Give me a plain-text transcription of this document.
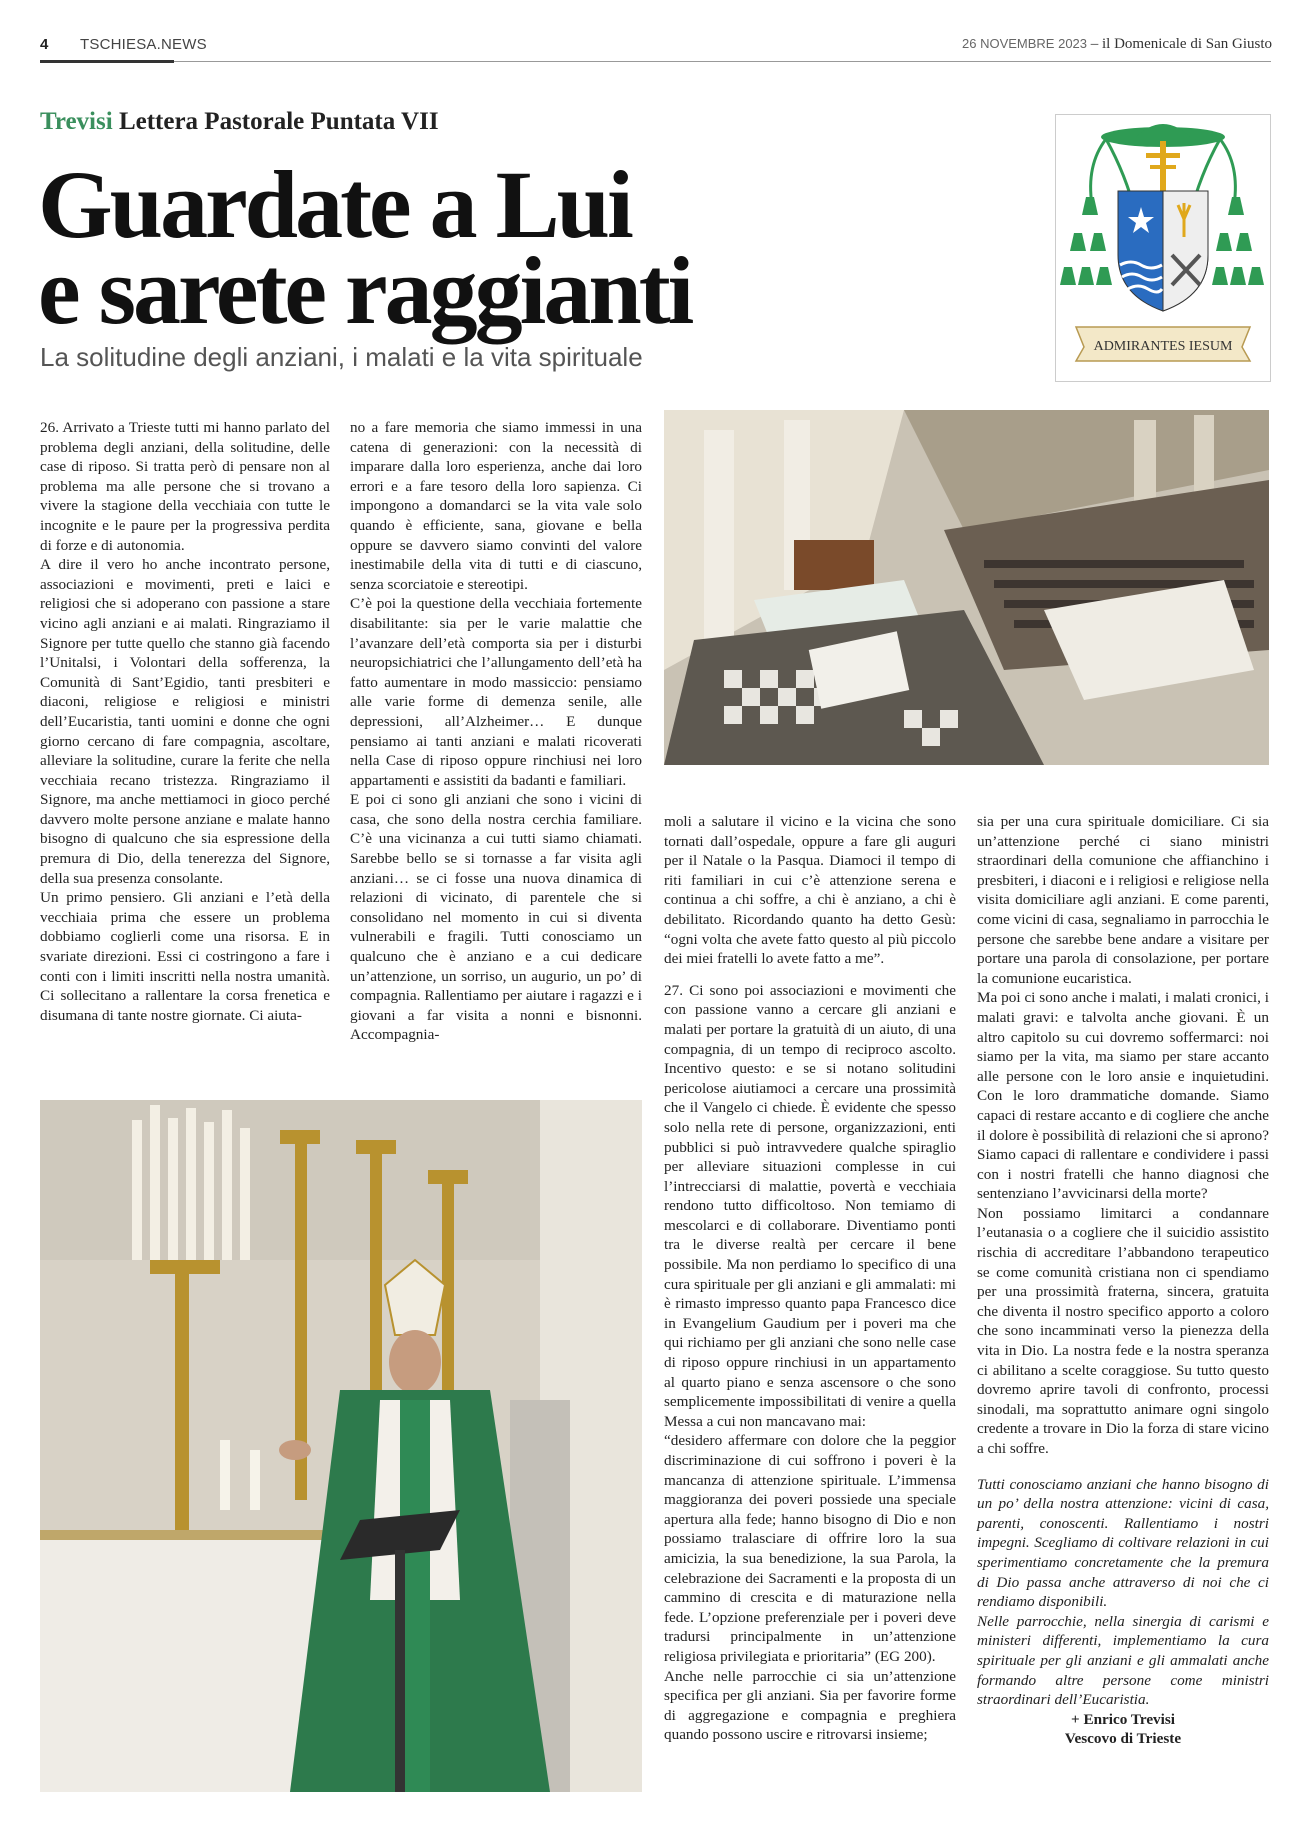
4 TSCHIESA.NEWS	26 NOVEMBRE 2023 – il Domenicale di San Giusto
Trevisi Lettera Pastorale Puntata VII
Guardate a Lui
e sarete raggianti
La solitudine degli anziani, i malati e la vita spirituale	ADMIRANTES IESUM

26. Arrivato a Trieste tutti mi hanno parlato del problema degli anziani, della solitudine, delle case di riposo. Si tratta però di pensare non al problema ma alle persone che si trovano a vivere la stagione della vecchiaia con tutte le incognite e le paure per la progressiva perdita di forze e di autonomia.

A dire il vero ho anche incontrato persone, associazioni e movimenti, preti e laici e religiosi che si adoperano con passione a stare vicino agli anziani e ai malati. Ringraziamo il Signore per tutte quello che stanno già facendo l’Unitalsi, i Volontari della sofferenza, la Comunità di Sant’Egidio, tanti presbiteri e diaconi, religiose e religiosi e ministri dell’Eucaristia, tanti uomini e donne che ogni giorno cercano di fare compagnia, ascoltare, alleviare la solitudine, curare la ferite che nella vecchiaia recano tristezza. Ringraziamo il Signore, ma anche mettiamoci in gioco perché davvero molte persone anziane e malate hanno bisogno di qualcuno che sia espressione della premura di Dio, della tenerezza del Signore, della sua presenza consolante.

Un primo pensiero. Gli anziani e l’età della vecchiaia prima che essere un problema dobbiamo coglierli come una risorsa. E in svariate direzioni. Essi ci costringono a fare i conti con i limiti inscritti nella nostra umanità. Ci sollecitano a rallentare la corsa frenetica e disumana di tante nostre giornate. Ci aiuta-

no a fare memoria che siamo immessi in una catena di generazioni: con la necessità di imparare dalla loro esperienza, anche dai loro errori e a fare tesoro della loro sapienza. Ci impongono a domandarci se la vita vale solo quando è efficiente, sana, giovane e bella oppure se davvero siamo convinti del valore inestimabile della vita di tutti e di ciascuno, senza scorciatoie e stereotipi.

C’è poi la questione della vecchiaia fortemente disabilitante: sia per le varie malattie che l’avanzare dell’età comporta sia per i disturbi neuropsichiatrici che l’allungamento dell’età ha fatto aumentare in modo massiccio: pensiamo alle varie forme di demenza senile, alle depressioni, all’Alzheimer… E dunque pensiamo ai tanti anziani e malati ricoverati nella Case di riposo oppure rinchiusi nei loro appartamenti e assistiti da badanti e familiari.

E poi ci sono gli anziani che sono i vicini di casa, che sono della nostra cerchia familiare. C’è una vicinanza a cui tutti siamo chiamati. Sarebbe bello se si tornasse a far visita agli anziani… se ci fosse una nuova dinamica di relazioni di vicinato, di parentele che si consolidano nel momento in cui si diventa vulnerabili e fragili. Tutti conosciamo un qualcuno che è anziano e a cui dedicare un’attenzione, un sorriso, un augurio, un po’ di compagnia. Rallentiamo per aiutare i ragazzi e i giovani a far visita a nonni e bisnonni. Accompagnia-

moli a salutare il vicino e la vicina che sono tornati dall’ospedale, oppure a fare gli auguri per il Natale o la Pasqua. Diamoci il tempo di riti familiari in cui c’è attenzione serena e continua a chi soffre, a chi è anziano, a chi è debilitato. Ricordando quanto ha detto Gesù: “ogni volta che avete fatto questo al più piccolo dei miei fratelli lo avete fatto a me”.

27. Ci sono poi associazioni e movimenti che con passione vanno a cercare gli anziani e malati per portare la gratuità di un aiuto, di una compagnia, di un tempo di reciproco ascolto. Incentivo questo: e se si notano solitudini pericolose aiutiamoci a cercare una prossimità che il Vangelo ci chiede. È evidente che spesso solo nella rete di persone, organizzazioni, enti pubblici si può intravvedere qualche spiraglio per alleviare situazioni complesse in cui l’intrecciarsi di malattie, povertà e vecchiaia rendono tutto difficoltoso. Non temiamo di mescolarci e di collaborare. Diventiamo ponti tra le diverse realtà per cercare il bene possibile. Ma non perdiamo lo specifico di una cura spirituale per gli anziani e gli ammalati: mi è rimasto impresso quanto papa Francesco dice in Evangelium Gaudium per i poveri ma che qui richiamo per gli anziani che sono nelle case di riposo oppure rinchiusi in un appartamento al quarto piano e senza ascensore o che sono semplicemente impossibilitati di venire a quella Messa a cui non mancavano mai:

“desidero affermare con dolore che la peggior discriminazione di cui soffrono i poveri è la mancanza di attenzione spirituale. L’immensa maggioranza dei poveri possiede una speciale apertura alla fede; hanno bisogno di Dio e non possiamo tralasciare di offrire loro la sua amicizia, la sua benedizione, la sua Parola, la celebrazione dei Sacramenti e la proposta di un cammino di crescita e di maturazione nella fede. L’opzione preferenziale per i poveri deve tradursi principalmente in un’attenzione religiosa privilegiata e prioritaria” (EG 200).

Anche nelle parrocchie ci sia un’attenzione specifica per gli anziani. Sia per favorire forme di aggregazione e compagnia e preghiera quando possono uscire e ritrovarsi insieme;

sia per una cura spirituale domiciliare. Ci sia un’attenzione perché ci siano ministri straordinari della comunione che affianchino i presbiteri, i diaconi e i religiosi e religiose nella visita domiciliare agli anziani. E come parenti, come vicini di casa, segnaliamo in parrocchia le persone che sarebbe bene andare a visitare per portare una parola di consolazione, per portare la comunione eucaristica.

Ma poi ci sono anche i malati, i malati cronici, i malati gravi: e talvolta anche giovani. È un altro capitolo su cui dovremo soffermarci: noi siamo per la vita, ma siamo per stare accanto alle persone con le loro ansie e inquietudini. Con le loro drammatiche domande. Siamo capaci di restare accanto e di cogliere che anche il dolore è possibilità di relazioni che si aprono? Siamo capaci di rallentare e condividere i passi con i nostri fratelli che hanno diagnosi che sentenziano l’avvicinarsi della morte?

Non possiamo limitarci a condannare l’eutanasia o a cogliere che il suicidio assistito rischia di accreditare l’abbandono terapeutico se come comunità cristiana non ci spendiamo per una prossimità fraterna, sincera, gratuita che diventa il nostro specifico apporto a coloro che sono incamminati verso la pienezza della vita in Dio. La nostra fede e la nostra speranza ci abilitano a scelte coraggiose. Su tutto questo dovremo aprire tavoli di confronto, processi sinodali, ma soprattutto animare ogni singolo credente a trovare in Dio la forza di stare vicino a chi soffre.

Tutti conosciamo anziani che hanno bisogno di un po’ della nostra attenzione: vicini di casa, parenti, conoscenti. Rallentiamo i nostri impegni. Scegliamo di coltivare relazioni in cui sperimentiamo concretamente che la premura di Dio passa anche attraverso di noi che ci rendiamo disponibili.

Nelle parrocchie, nella sinergia di carismi e ministeri differenti, implementiamo la cura spirituale per gli anziani e gli ammalati anche formando altre persone come ministri straordinari dell’Eucaristia.

+ Enrico Trevisi

Vescovo di Trieste
